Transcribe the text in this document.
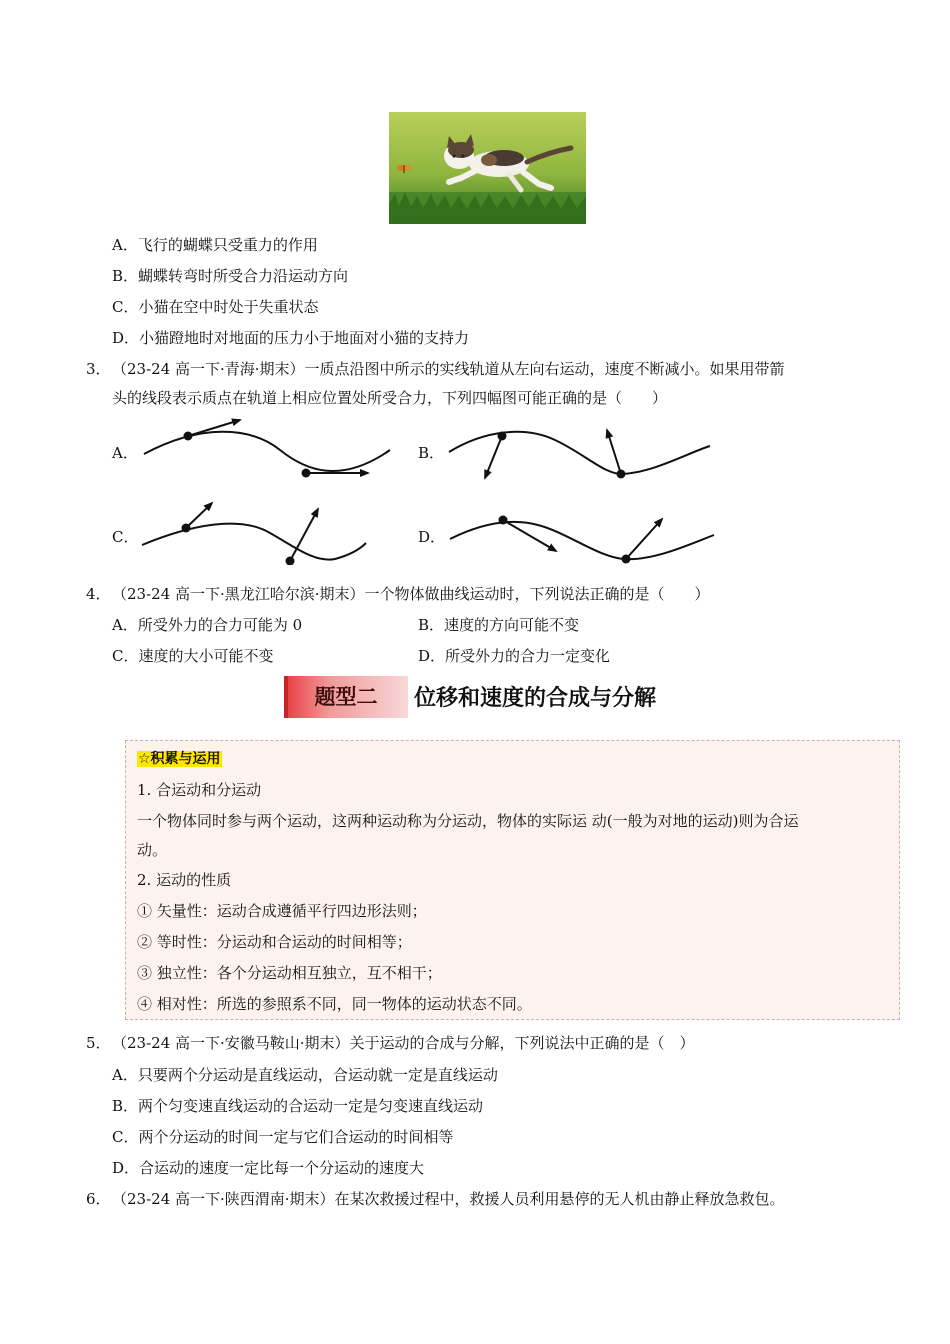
A．飞行的蝴蝶只受重力的作用
B．蝴蝶转弯时所受合力沿运动方向
C．小猫在空中时处于失重状态
D．小猫蹬地时对地面的压力小于地面对小猫的支持力
3． （23-24 高一下·青海·期末）一质点沿图中所示的实线轨道从左向右运动，速度不断减小。如果用带箭
头的线段表示质点在轨道上相应位置处所受合力，下列四幅图可能正确的是（　　）
A．	B．
C．	D．
4． （23-24 高一下·黑龙江哈尔滨·期末）一个物体做曲线运动时，下列说法正确的是（　　）
A．所受外力的合力可能为 0	B．速度的方向可能不变
C．速度的大小可能不变	D．所受外力的合力一定变化
题型二	位移和速度的合成与分解
☆积累与运用
1. 合运动和分运动
一个物体同时参与两个运动，这两种运动称为分运动，物体的实际运 动(一般为对地的运动)则为合运
动。
2. 运动的性质
① 矢量性：运动合成遵循平行四边形法则；
② 等时性：分运动和合运动的时间相等；
③ 独立性：各个分运动相互独立，互不相干；
④ 相对性：所选的参照系不同，同一物体的运动状态不同。
5． （23-24 高一下·安徽马鞍山·期末）关于运动的合成与分解，下列说法中正确的是（　）
A．只要两个分运动是直线运动，合运动就一定是直线运动
B．两个匀变速直线运动的合运动一定是匀变速直线运动
C．两个分运动的时间一定与它们合运动的时间相等
D．合运动的速度一定比每一个分运动的速度大
6． （23-24 高一下·陕西渭南·期末）在某次救援过程中，救援人员利用悬停的无人机由静止释放急救包。
